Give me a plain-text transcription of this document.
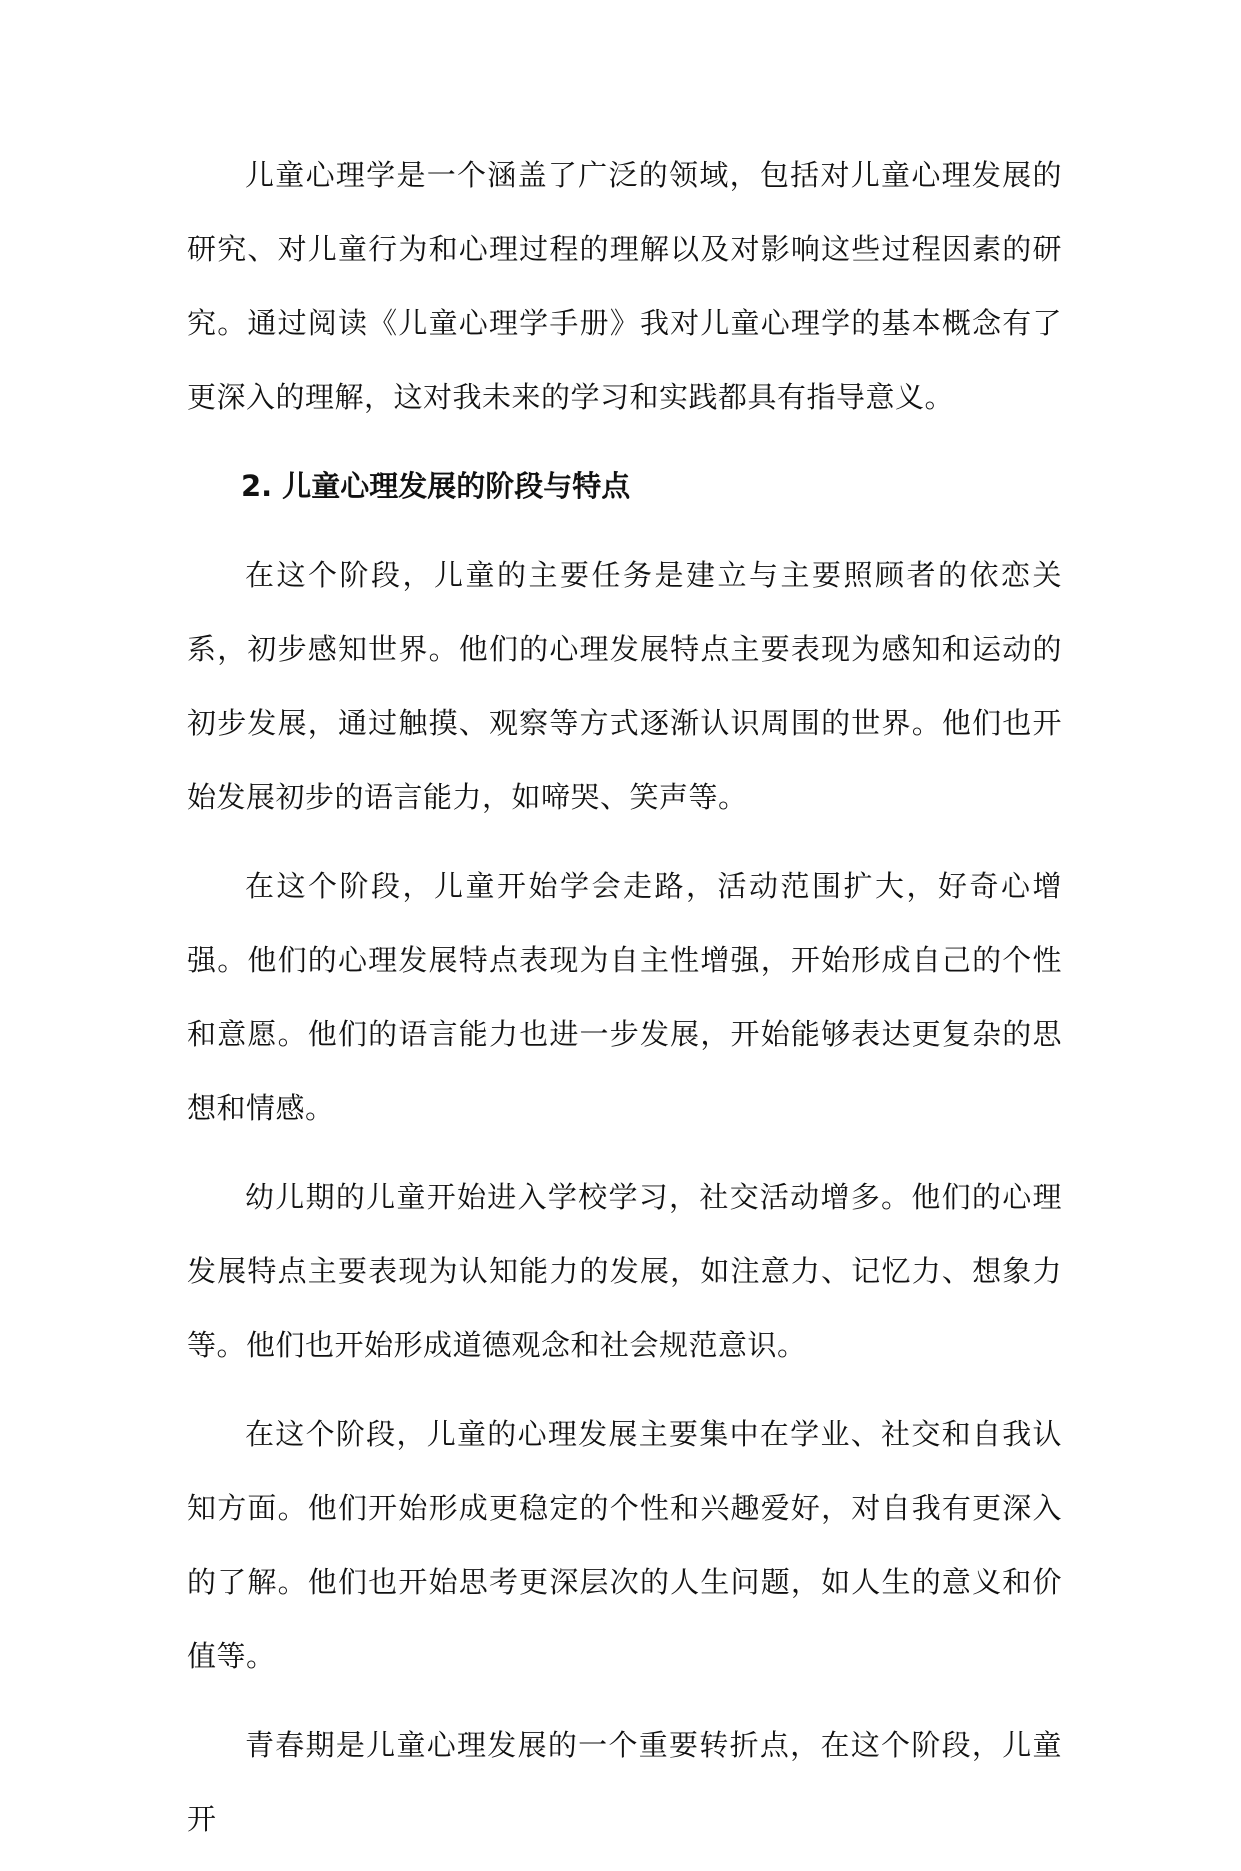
儿童心理学是一个涵盖了广泛的领域，包括对儿童心理发展的研究、对儿童行为和心理过程的理解以及对影响这些过程因素的研究。通过阅读《儿童心理学手册》我对儿童心理学的基本概念有了更深入的理解，这对我未来的学习和实践都具有指导意义。

2. 儿童心理发展的阶段与特点

在这个阶段，儿童的主要任务是建立与主要照顾者的依恋关系，初步感知世界。他们的心理发展特点主要表现为感知和运动的初步发展，通过触摸、观察等方式逐渐认识周围的世界。他们也开始发展初步的语言能力，如啼哭、笑声等。

在这个阶段，儿童开始学会走路，活动范围扩大，好奇心增强。他们的心理发展特点表现为自主性增强，开始形成自己的个性和意愿。他们的语言能力也进一步发展，开始能够表达更复杂的思想和情感。

幼儿期的儿童开始进入学校学习，社交活动增多。他们的心理发展特点主要表现为认知能力的发展，如注意力、记忆力、想象力等。他们也开始形成道德观念和社会规范意识。

在这个阶段，儿童的心理发展主要集中在学业、社交和自我认知方面。他们开始形成更稳定的个性和兴趣爱好，对自我有更深入的了解。他们也开始思考更深层次的人生问题，如人生的意义和价值等。

青春期是儿童心理发展的一个重要转折点，在这个阶段，儿童开
